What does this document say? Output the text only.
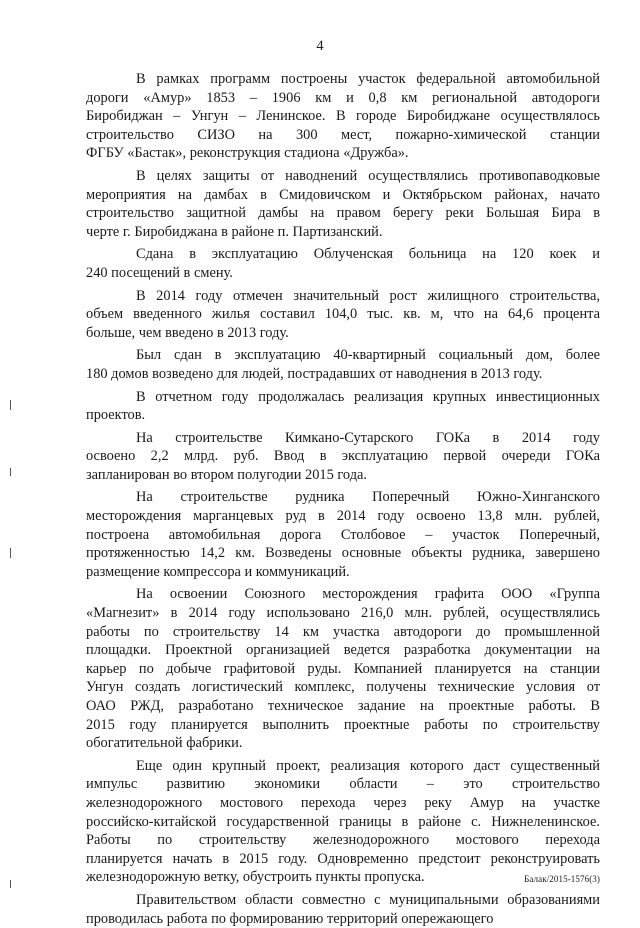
4
В рамках программ построены участок федеральной автомобильной
дороги «Амур» 1853 – 1906 км и 0,8 км региональной автодороги
Биробиджан – Унгун – Ленинское. В городе Биробиджане осуществлялось
строительство СИЗО на 300 мест, пожарно-химической станции
ФГБУ «Бастак», реконструкция стадиона «Дружба».
В целях защиты от наводнений осуществлялись противопаводковые
мероприятия на дамбах в Смидовичском и Октябрьском районах, начато
строительство защитной дамбы на правом берегу реки Большая Бира в
черте г. Биробиджана в районе п. Партизанский.
Сдана в эксплуатацию Облученская больница на 120 коек и
240 посещений в смену.
В 2014 году отмечен значительный рост жилищного строительства,
объем введенного жилья составил 104,0 тыс. кв. м, что на 64,6 процента
больше, чем введено в 2013 году.
Был сдан в эксплуатацию 40-квартирный социальный дом, более
180 домов возведено для людей, пострадавших от наводнения в 2013 году.
В отчетном году продолжалась реализация крупных инвестиционных
проектов.
На строительстве Кимкано-Сутарского ГОКа в 2014 году
освоено 2,2 млрд. руб. Ввод в эксплуатацию первой очереди ГОКа
запланирован во втором полугодии 2015 года.
На строительстве рудника Поперечный Южно-Хинганского
месторождения марганцевых руд в 2014 году освоено 13,8 млн. рублей,
построена автомобильная дорога Столбовое – участок Поперечный,
протяженностью 14,2 км. Возведены основные объекты рудника, завершено
размещение компрессора и коммуникаций.
На освоении Союзного месторождения графита ООО «Группа
«Магнезит» в 2014 году использовано 216,0 млн. рублей, осуществлялись
работы по строительству 14 км участка автодороги до промышленной
площадки. Проектной организацией ведется разработка документации на
карьер по добыче графитовой руды. Компанией планируется на станции
Унгун создать логистический комплекс, получены технические условия от
ОАО РЖД, разработано техническое задание на проектные работы. В
2015 году планируется выполнить проектные работы по строительству
обогатительной фабрики.
Еще один крупный проект, реализация которого даст существенный
импульс развитию экономики области – это строительство
железнодорожного мостового перехода через реку Амур на участке
российско-китайской государственной границы в районе с. Нижнеленинское.
Работы по строительству железнодорожного мостового перехода
планируется начать в 2015 году. Одновременно предстоит реконструировать
железнодорожную ветку, обустроить пункты пропуска.
Правительством области совместно с муниципальными образованиями
проводилась работа по формированию территорий опережающего
Балак/2015-1576(3)
